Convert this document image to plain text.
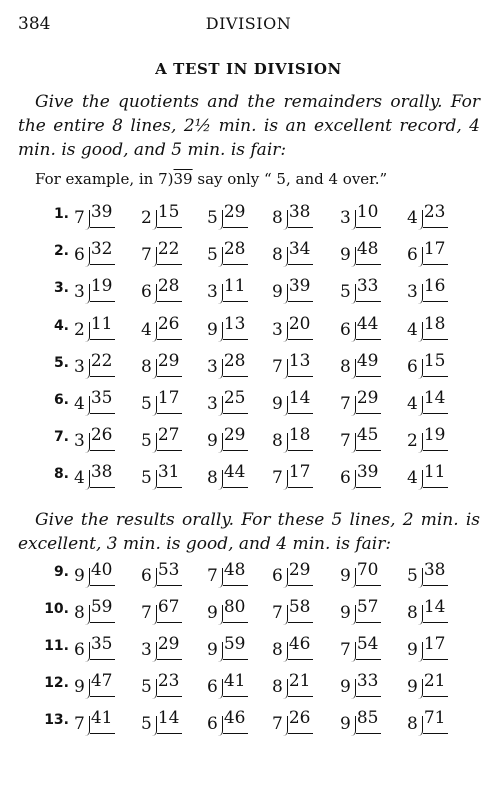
384	DIVISION
A TEST IN DIVISION

Give the quotients and the remainders orally. For the entire 8 lines, 2½ min. is an excellent record, 4 min. is good, and 5 min. is fair:

For example, in 7)39 say only “ 5, and 4 over.”
1. 7 39 2 15 5 29 8 38 3 10 4 23
2. 6 32 7 22 5 28 8 34 9 48 6 17
3. 3 19 6 28 3 11 9 39 5 33 3 16
4. 2 11 4 26 9 13 3 20 6 44 4 18
5. 3 22 8 29 3 28 7 13 8 49 6 15
6. 4 35 5 17 3 25 9 14 7 29 4 14
7. 3 26 5 27 9 29 8 18 7 45 2 19
8. 4 38 5 31 8 44 7 17 6 39 4 11

Give the results orally. For these 5 lines, 2 min. is excellent, 3 min. is good, and 4 min. is fair:

9. 9 40 6 53 7 48 6 29 9 70 5 38
10. 8 59 7 67 9 80 7 58 9 57 8 14
11. 6 35 3 29 9 59 8 46 7 54 9 17
12. 9 47 5 23 6 41 8 21 9 33 9 21
13. 7 41 5 14 6 46 7 26 9 85 8 71
